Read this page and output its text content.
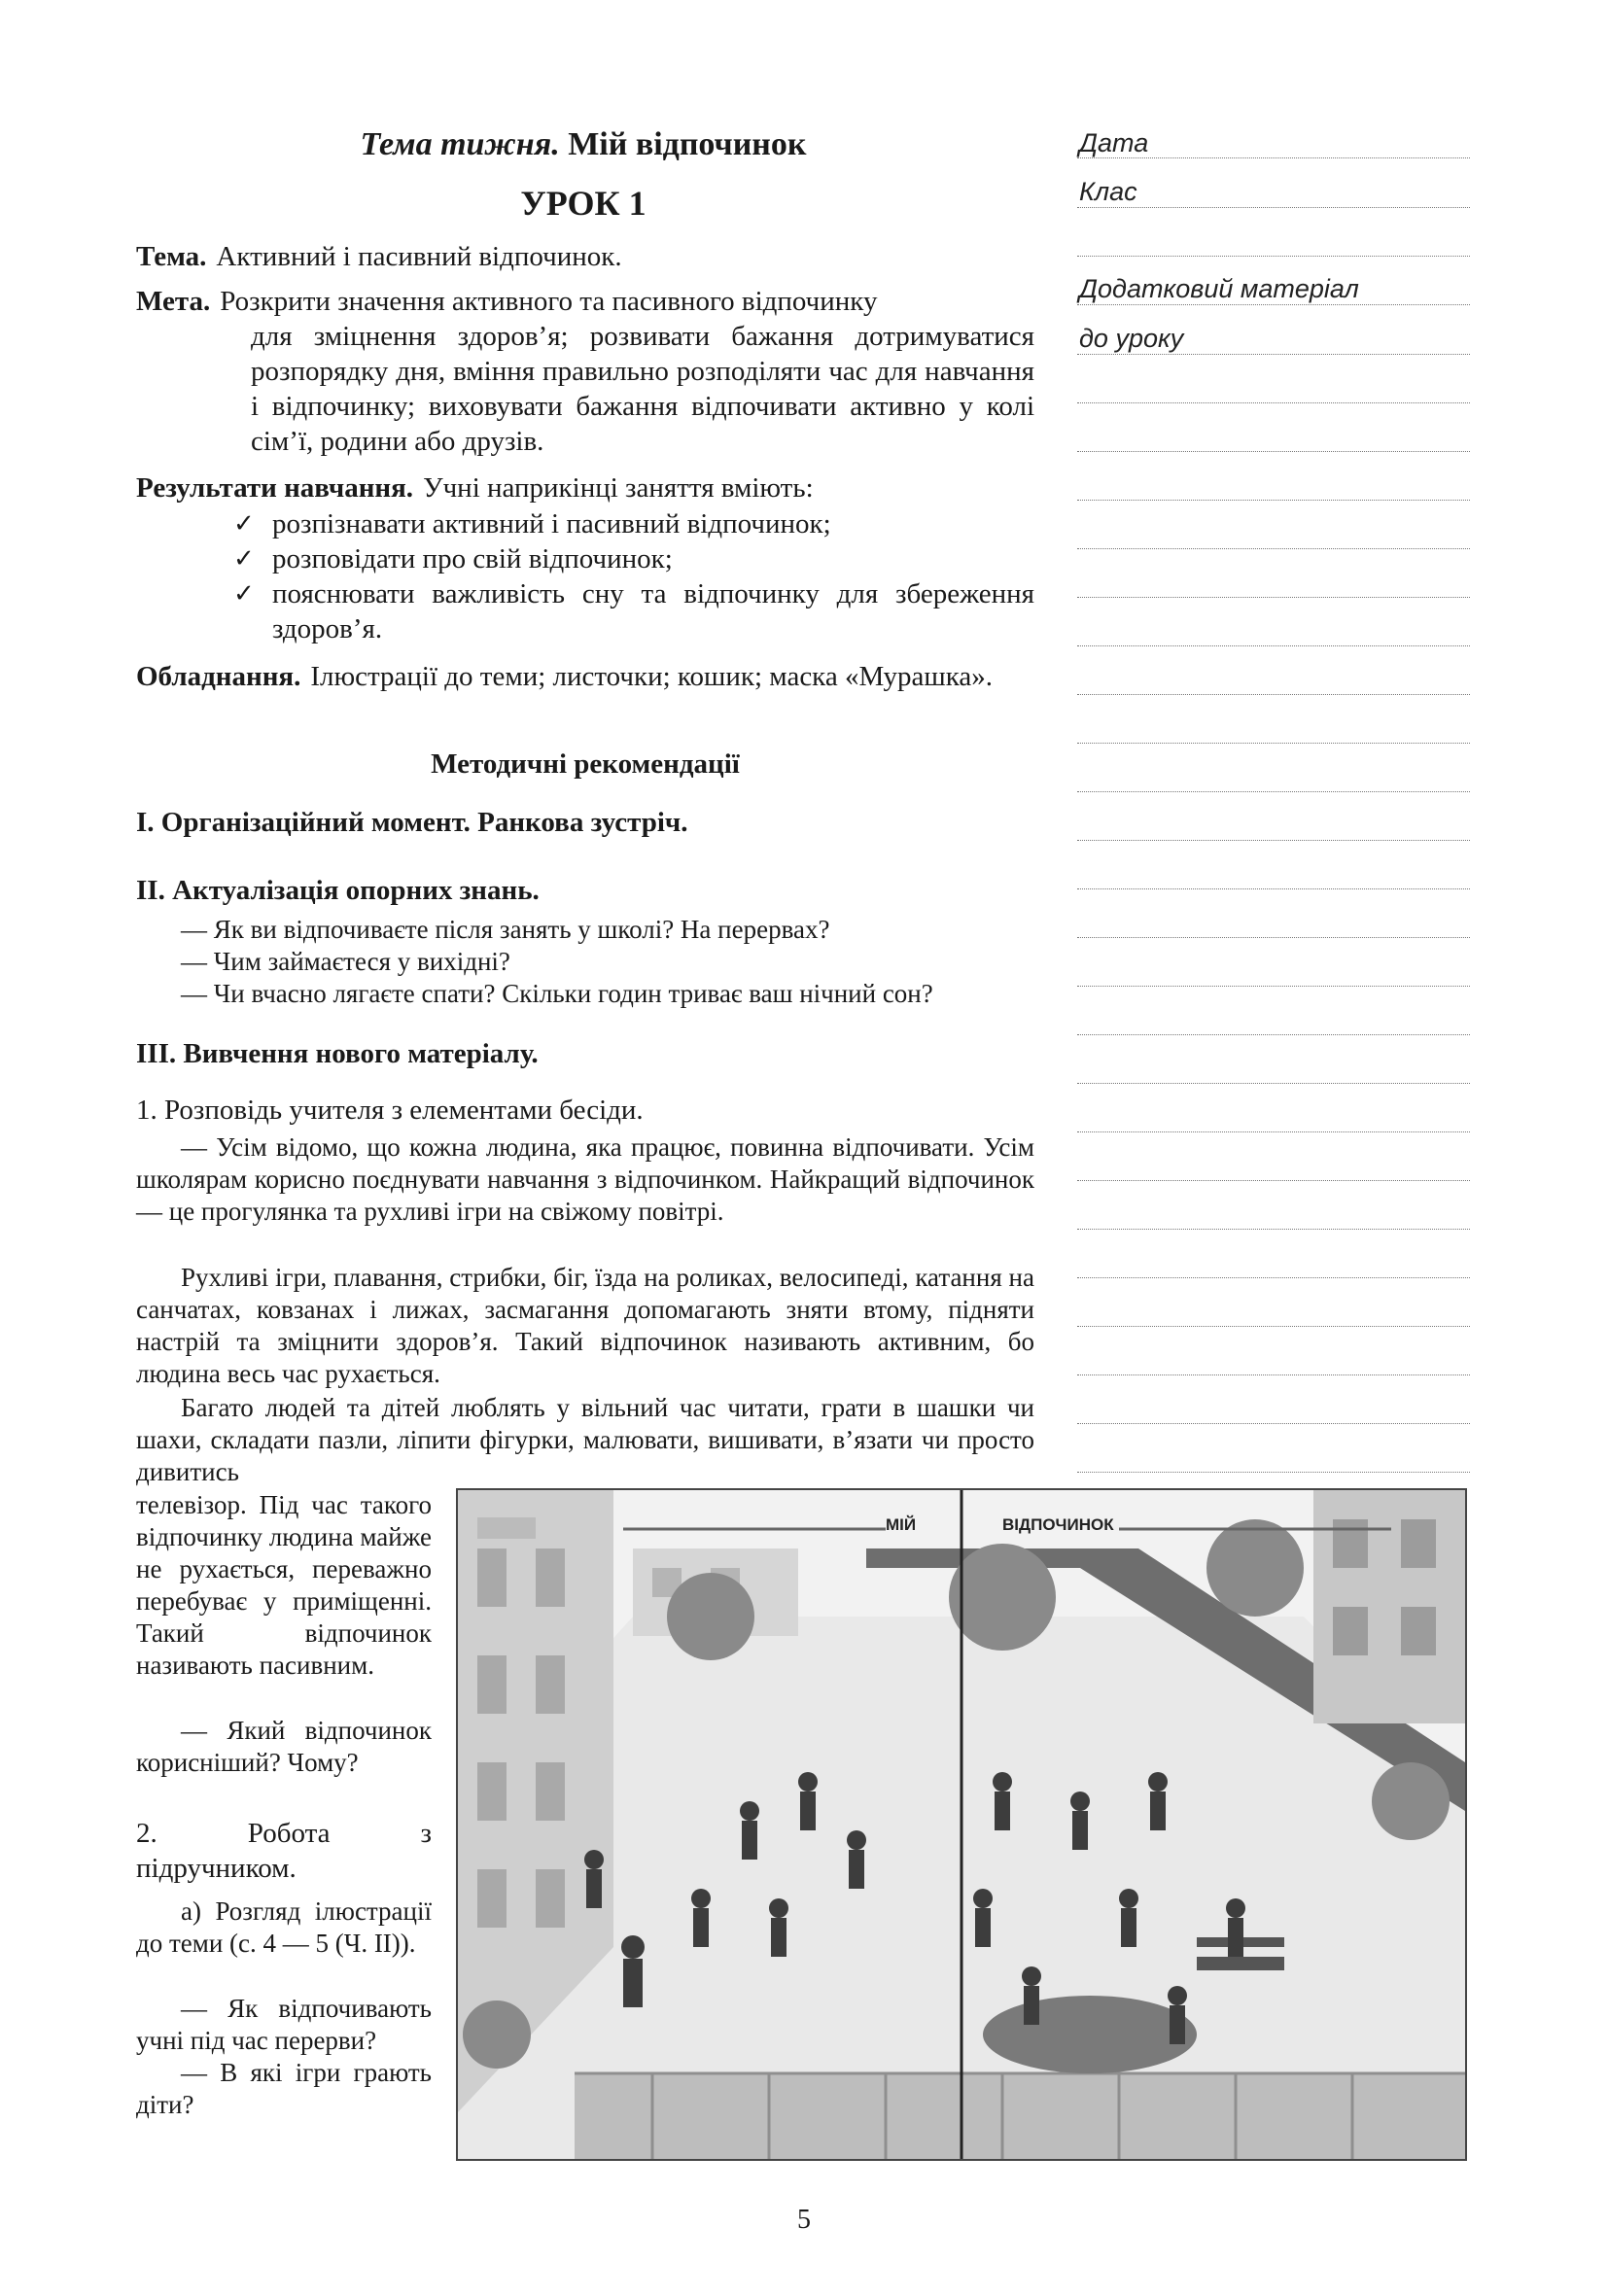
Тема тижня. Мій відпочинок
УРОК 1
Тема. Активний і пасивний відпочинок.
Мета. Розкрити значення активного та пасивного відпочинку
для зміцнення здоров’я; розвивати бажання дотримуватися розпорядку дня, вміння правильно розподіляти час для навчання і відпочинку; виховувати бажання відпочивати активно у колі сім’ї, родини або друзів.
Результати навчання. Учні наприкінці заняття вміють:
✓ розпізнавати активний і пасивний відпочинок;
✓ розповідати про свій відпочинок;
✓ пояснювати важливість сну та відпочинку для збереження здоров’я.
Обладнання. Ілюстрації до теми; листочки; кошик; маска «Мурашка».
Методичні рекомендації
І. Організаційний момент. Ранкова зустріч.
ІІ. Актуалізація опорних знань.
— Як ви відпочиваєте після занять у школі? На перервах?
— Чим займаєтеся у вихідні?
— Чи вчасно лягаєте спати? Скільки годин триває ваш нічний сон?
ІІІ. Вивчення нового матеріалу.
1. Розповідь учителя з елементами бесіди.
— Усім відомо, що кожна людина, яка працює, повинна відпочивати. Усім школярам корисно поєднувати навчання з відпочинком. Найкращий відпочинок — це прогулянка та рухливі ігри на свіжому повітрі.
Рухливі ігри, плавання, стрибки, біг, їзда на роликах, велосипеді, катання на санчатах, ковзанах і лижах, засмагання допомагають зняти втому, підняти настрій та зміцнити здоров’я. Такий відпочинок називають активним, бо людина весь час рухається.
Багато людей та дітей люблять у вільний час читати, грати в шашки чи шахи, складати пазли, ліпити фігурки, малювати, вишивати, в’язати чи просто дивитись
телевізор. Під час такого відпочинку людина майже не рухається, переважно перебуває у приміщенні. Такий відпочинок називають пасивним.
— Який відпочинок корисніший? Чому?
2. Робота з підручником.
а) Розгляд ілюстрації до теми (с. 4 — 5 (Ч. ІІ)).
— Як відпочивають учні під час перерви?
— В які ігри грають діти?
Дата
Клас
Додатковий матеріал
до уроку
МІЙ	ВІДПОЧИНОК
5
